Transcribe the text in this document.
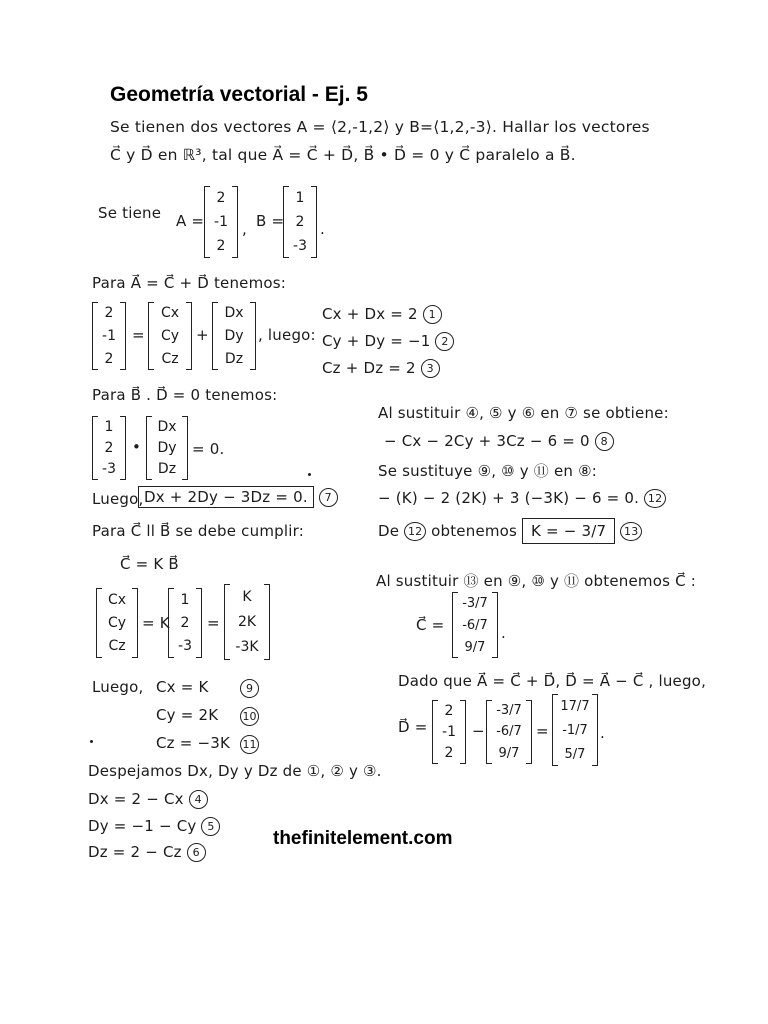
Geometría vectorial - Ej. 5
Se tienen dos vectores A = ⟨2,-1,2⟩ y B=⟨1,2,-3⟩. Hallar los vectores
C⃗ y D⃗ en ℝ³, tal que A⃗ = C⃗ + D⃗, B⃗ • D⃗ = 0 y C⃗ paralelo a B⃗.
Se tiene A =
2
-1
2
, B =
1
2
-3
.
Para A⃗ = C⃗ + D⃗ tenemos:
2
-1
2
=
Cx
Cy
Cz
+
Dx
Dy
Dz
, luego:
Cx + Dx = 2 1
Cy + Dy = −1 2
Cz + Dz = 2 3
Para B⃗ . D⃗ = 0 tenemos:
1
2
-3
•
Dx
Dy
Dz
= 0.
Luego, Dx + 2Dy − 3Dz = 0. 7
Para C⃗ ll B⃗ se debe cumplir:
C⃗ = K B⃗
Cx
Cy
Cz
= K
1
2
-3
=
K
2K
-3K
Luego, Cx = K	9
Cy = 2K 10
Cz = −3K 11
Despejamos Dx, Dy y Dz de ①, ② y ③.
Dx = 2 − Cx 4
Dy = −1 − Cy 5
Dz = 2 − Cz 6
Al sustituir ④, ⑤ y ⑥ en ⑦ se obtiene:
− Cx − 2Cy + 3Cz − 6 = 0 8
Se sustituye ⑨, ⑩ y ⑪ en ⑧:
− (K) − 2 (2K) + 3 (−3K) − 6 = 0. 12
De 12 obtenemos K = − 3/7 13
Al sustituir ⑬ en ⑨, ⑩ y ⑪ obtenemos C⃗ :
C⃗ =
-3/7
-6/7
9/7
.
Dado que A⃗ = C⃗ + D⃗, D⃗ = A⃗ − C⃗ , luego,
D⃗ =
2
-1
2
−
-3/7
-6/7
9/7
=
17/7
-1/7
5/7
.
thefinitelement.com
